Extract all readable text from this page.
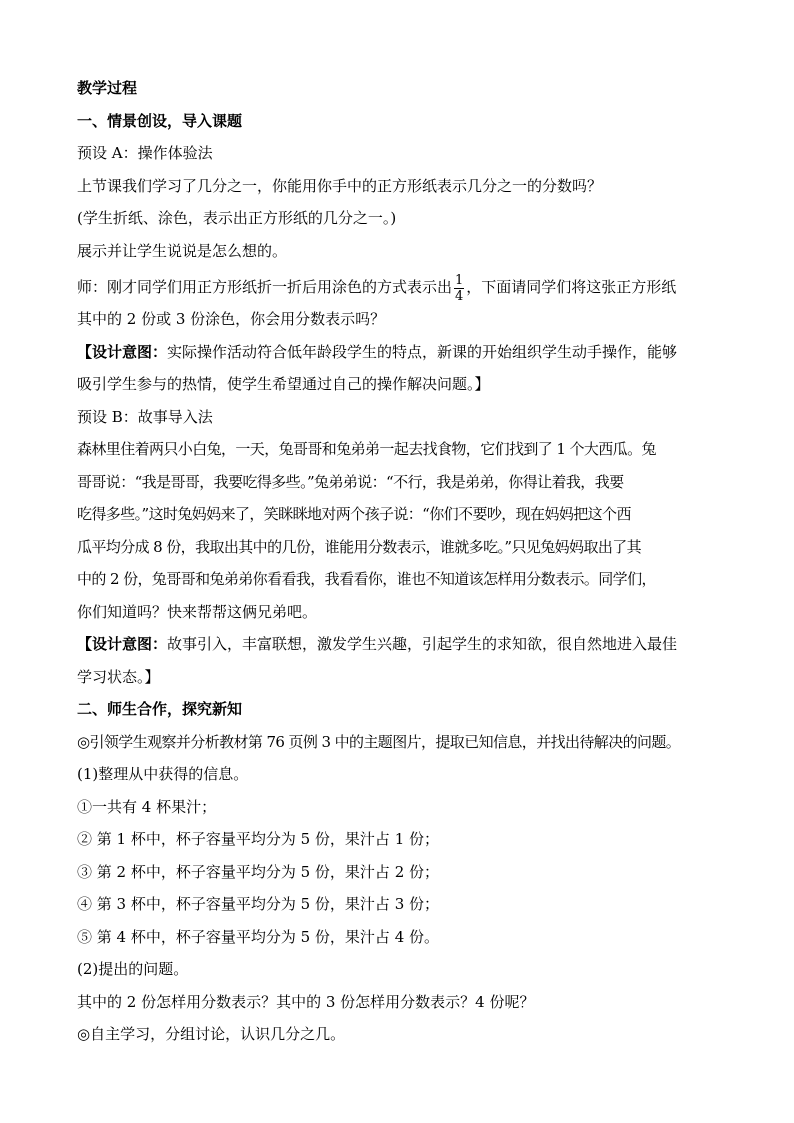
教学过程
一、情景创设，导入课题
预设 A：操作体验法
上节课我们学习了几分之一，你能用你手中的正方形纸表示几分之一的分数吗？
(学生折纸、涂色，表示出正方形纸的几分之一。)
展示并让学生说说是怎么想的。
师：刚才同学们用正方形纸折一折后用涂色的方式表示出 $\frac{1}{4}$ ，下面请同学们将这张正方形纸
其中的 2 份或 3 份涂色，你会用分数表示吗？
【设计意图：实际操作活动符合低年龄段学生的特点，新课的开始组织学生动手操作，能够
吸引学生参与的热情，使学生希望通过自己的操作解决问题。】
预设 B：故事导入法
森林里住着两只小白兔，一天，兔哥哥和兔弟弟一起去找食物，它们找到了 1 个大西瓜。兔
哥哥说：“我是哥哥，我要吃得多些。”兔弟弟说：“不行，我是弟弟，你得让着我，我要
吃得多些。”这时兔妈妈来了，笑眯眯地对两个孩子说：“你们不要吵，现在妈妈把这个西
瓜平均分成 8 份，我取出其中的几份，谁能用分数表示，谁就多吃。”只见兔妈妈取出了其
中的 2 份，兔哥哥和兔弟弟你看看我，我看看你，谁也不知道该怎样用分数表示。同学们，
你们知道吗？快来帮帮这俩兄弟吧。
【设计意图：故事引入，丰富联想，激发学生兴趣，引起学生的求知欲，很自然地进入最佳
学习状态。】
二、师生合作，探究新知
◎引领学生观察并分析教材第 76 页例 3 中的主题图片，提取已知信息，并找出待解决的问题。
(1)整理从中获得的信息。
①一共有 4 杯果汁；
② 第 1 杯中，杯子容量平均分为 5 份，果汁占 1 份；
③ 第 2 杯中，杯子容量平均分为 5 份，果汁占 2 份；
④ 第 3 杯中，杯子容量平均分为 5 份，果汁占 3 份；
⑤ 第 4 杯中，杯子容量平均分为 5 份，果汁占 4 份。
(2)提出的问题。
其中的 2 份怎样用分数表示？其中的 3 份怎样用分数表示？4 份呢？
◎自主学习，分组讨论，认识几分之几。
